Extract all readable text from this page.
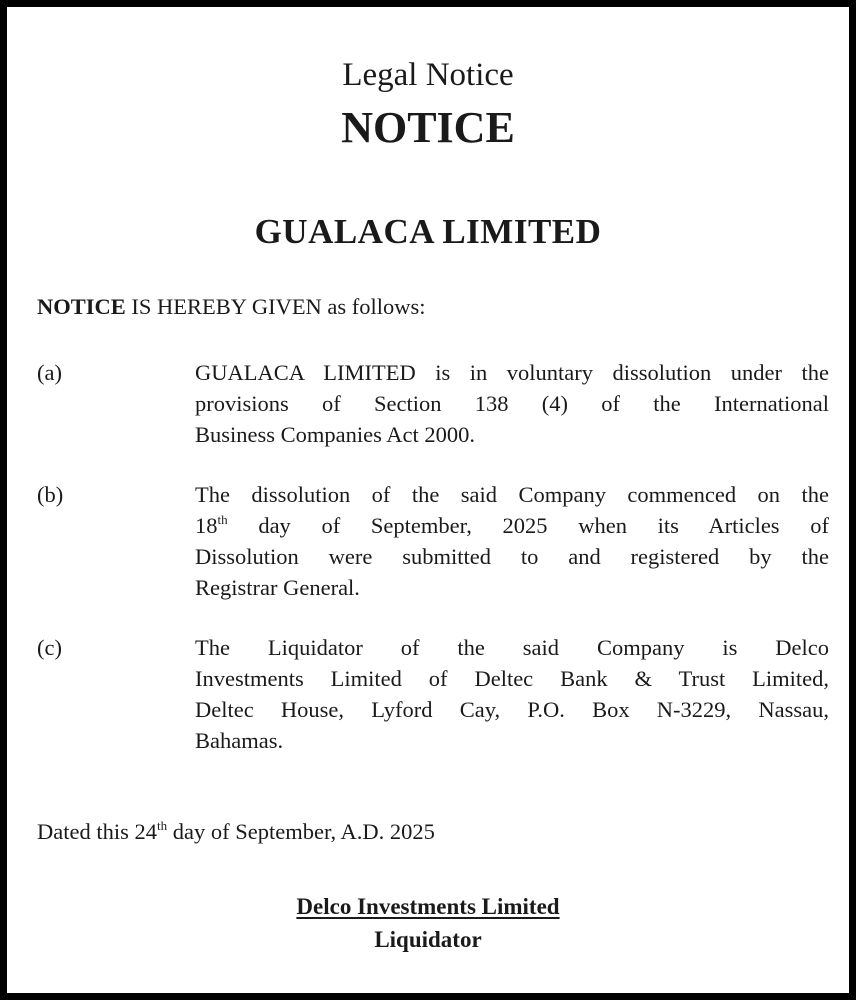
Legal Notice
NOTICE
GUALACA LIMITED
NOTICE IS HEREBY GIVEN as follows:
(a)	GUALACA LIMITED is in voluntary dissolution under the
provisions of Section 138 (4) of the International
Business Companies Act 2000.
(b)	The dissolution of the said Company commenced on the
18th day of September, 2025 when its Articles of
Dissolution were submitted to and registered by the
Registrar General.
(c)	The Liquidator of the said Company is Delco
Investments Limited of Deltec Bank & Trust Limited,
Deltec House, Lyford Cay, P.O. Box N-3229, Nassau,
Bahamas.
Dated this 24th day of September, A.D. 2025
Delco Investments Limited
Liquidator
